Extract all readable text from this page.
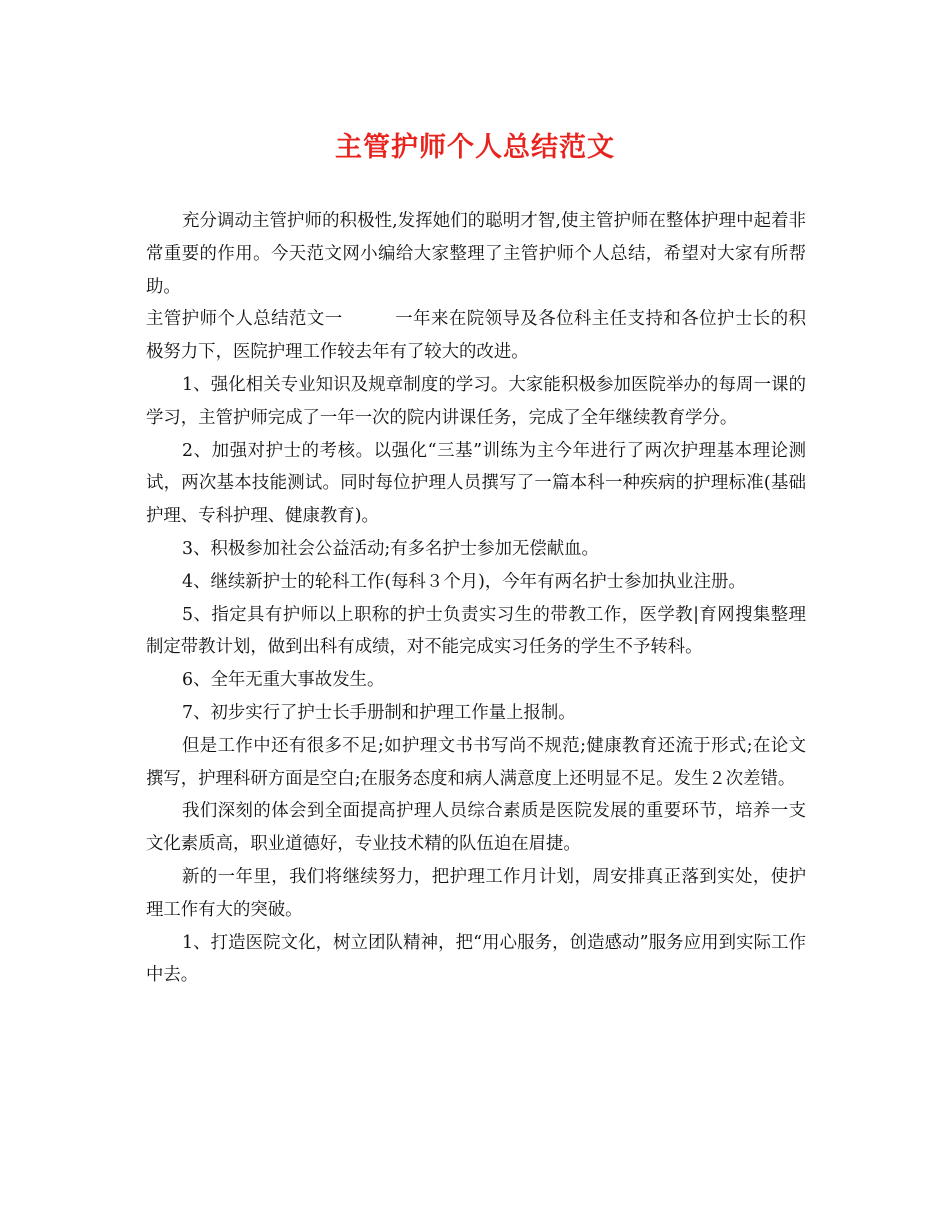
主管护师个人总结范文

充分调动主管护师的积极性,发挥她们的聪明才智,使主管护师在整体护理中起着非常重要的作用。今天范文网小编给大家整理了主管护师个人总结，希望对大家有所帮助。

主管护师个人总结范文一	一年来在院领导及各位科主任支持和各位护士长的积极努力下，医院护理工作较去年有了较大的改进。

1、强化相关专业知识及规章制度的学习。大家能积极参加医院举办的每周一课的学习，主管护师完成了一年一次的院内讲课任务，完成了全年继续教育学分。

2、加强对护士的考核。以强化“三基”训练为主今年进行了两次护理基本理论测试，两次基本技能测试。同时每位护理人员撰写了一篇本科一种疾病的护理标准(基础护理、专科护理、健康教育)。

3、积极参加社会公益活动;有多名护士参加无偿献血。

4、继续新护士的轮科工作(每科３个月)，今年有两名护士参加执业注册。

5、指定具有护师以上职称的护士负责实习生的带教工作，医学教|育网搜集整理制定带教计划，做到出科有成绩，对不能完成实习任务的学生不予转科。

6、全年无重大事故发生。

7、初步实行了护士长手册制和护理工作量上报制。

但是工作中还有很多不足;如护理文书书写尚不规范;健康教育还流于形式;在论文撰写，护理科研方面是空白;在服务态度和病人满意度上还明显不足。发生２次差错。

我们深刻的体会到全面提高护理人员综合素质是医院发展的重要环节，培养一支文化素质高，职业道德好，专业技术精的队伍迫在眉捷。

新的一年里，我们将继续努力，把护理工作月计划，周安排真正落到实处，使护理工作有大的突破。

1、打造医院文化，树立团队精神，把“用心服务，创造感动”服务应用到实际工作中去。
